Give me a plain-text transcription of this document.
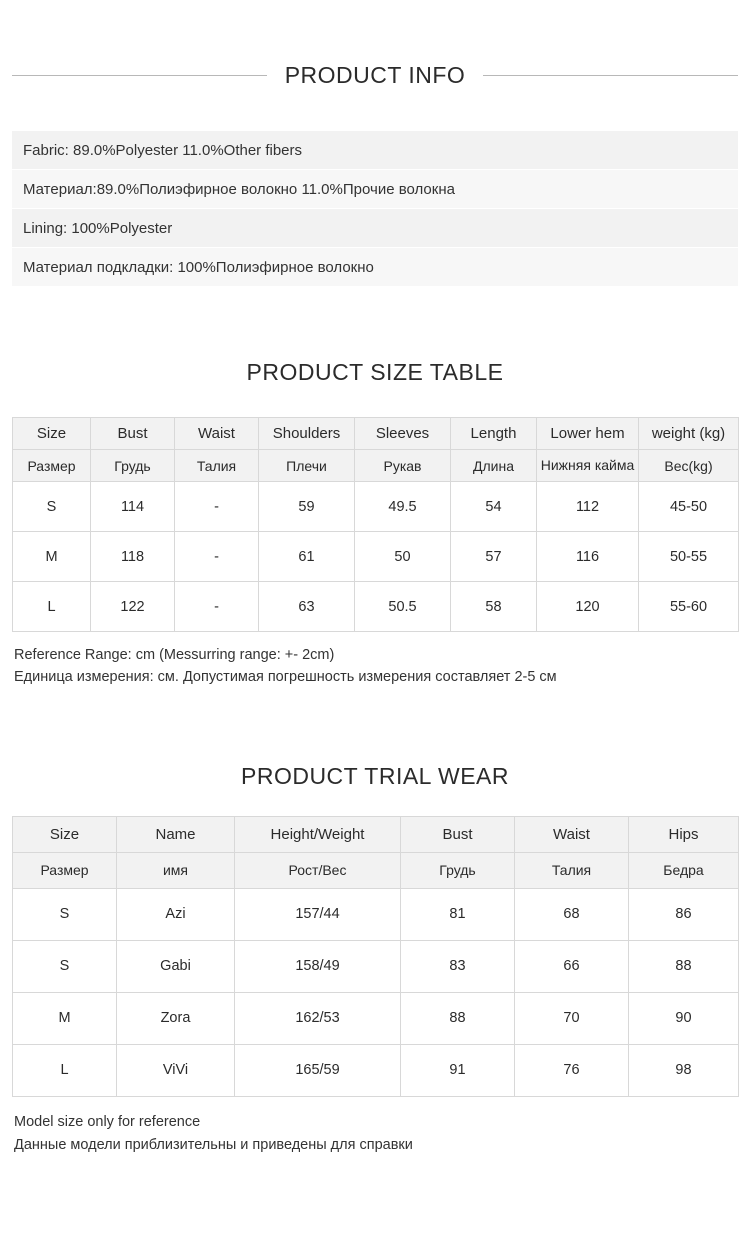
PRODUCT INFO
Fabric: 89.0%Polyester 11.0%Other fibers
Материал:89.0%Полиэфирное волокно 11.0%Прочие волокна
Lining: 100%Polyester
Материал подкладки: 100%Полиэфирное волокно
PRODUCT SIZE TABLE
Size	Bust	Waist	Shoulders	Sleeves	Length	Lower hem	weight (kg)
Размер	Грудь	Талия	Плечи	Рукав	Длина	Нижняя кайма	Вес(kg)
S	114	-	59	49.5	54	112	45-50
M	118	-	61	50	57	116	50-55
L	122	-	63	50.5	58	120	55-60
Reference Range: cm (Messurring range: +- 2cm)
Единица измерения: см. Допустимая погрешность измерения составляет 2-5 см
PRODUCT TRIAL WEAR
Size	Name	Height/Weight	Bust	Waist	Hips
Размер	имя	Рост/Вес	Грудь	Талия	Бедра
S	Azi	157/44	81	68	86
S	Gabi	158/49	83	66	88
M	Zora	162/53	88	70	90
L	ViVi	165/59	91	76	98
Model size only for reference
Данные модели приблизительны и приведены для справки
